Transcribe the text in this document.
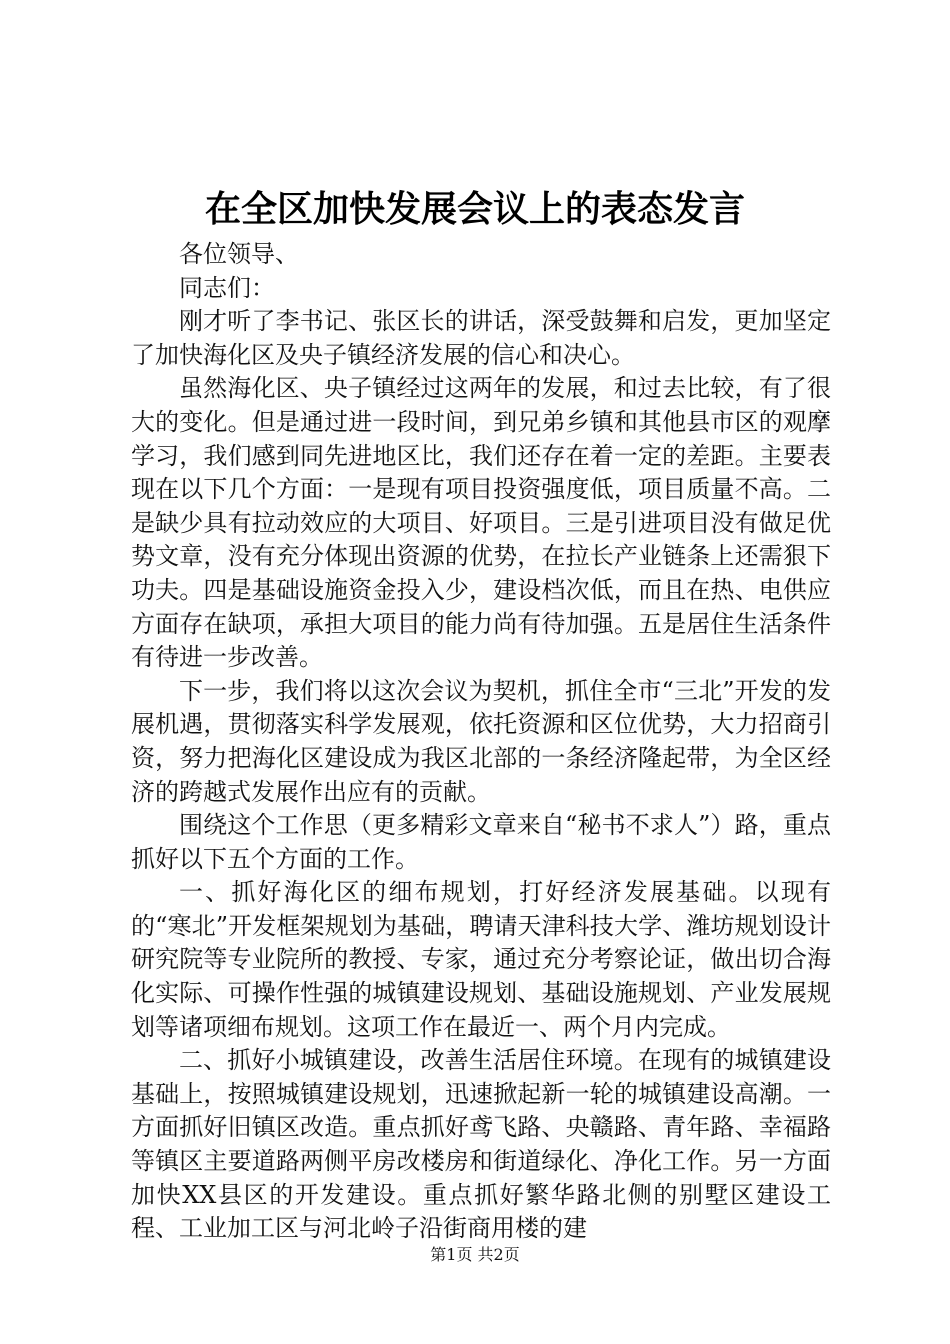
在全区加快发展会议上的表态发言

各位领导、

同志们：

刚才听了李书记、张区长的讲话，深受鼓舞和启发，更加坚定了加快海化区及央子镇经济发展的信心和决心。

虽然海化区、央子镇经过这两年的发展，和过去比较，有了很大的变化。但是通过进一段时间，到兄弟乡镇和其他县市区的观摩学习，我们感到同先进地区比，我们还存在着一定的差距。主要表现在以下几个方面：一是现有项目投资强度低，项目质量不高。二是缺少具有拉动效应的大项目、好项目。三是引进项目没有做足优势文章，没有充分体现出资源的优势，在拉长产业链条上还需狠下功夫。四是基础设施资金投入少，建设档次低，而且在热、电供应方面存在缺项，承担大项目的能力尚有待加强。五是居住生活条件有待进一步改善。

下一步，我们将以这次会议为契机，抓住全市“三北”开发的发展机遇，贯彻落实科学发展观，依托资源和区位优势，大力招商引资，努力把海化区建设成为我区北部的一条经济隆起带，为全区经济的跨越式发展作出应有的贡献。

围绕这个工作思（更多精彩文章来自“秘书不求人”）路，重点抓好以下五个方面的工作。

一、抓好海化区的细布规划，打好经济发展基础。以现有的“寒北”开发框架规划为基础，聘请天津科技大学、潍坊规划设计研究院等专业院所的教授、专家，通过充分考察论证，做出切合海化实际、可操作性强的城镇建设规划、基础设施规划、产业发展规划等诸项细布规划。这项工作在最近一、两个月内完成。

二、抓好小城镇建设，改善生活居住环境。在现有的城镇建设基础上，按照城镇建设规划，迅速掀起新一轮的城镇建设高潮。一方面抓好旧镇区改造。重点抓好鸢飞路、央赣路、青年路、幸福路等镇区主要道路两侧平房改楼房和街道绿化、净化工作。另一方面加快XX县区的开发建设。重点抓好繁华路北侧的别墅区建设工程、工业加工区与河北岭子沿街商用楼的建

第1页 共2页
